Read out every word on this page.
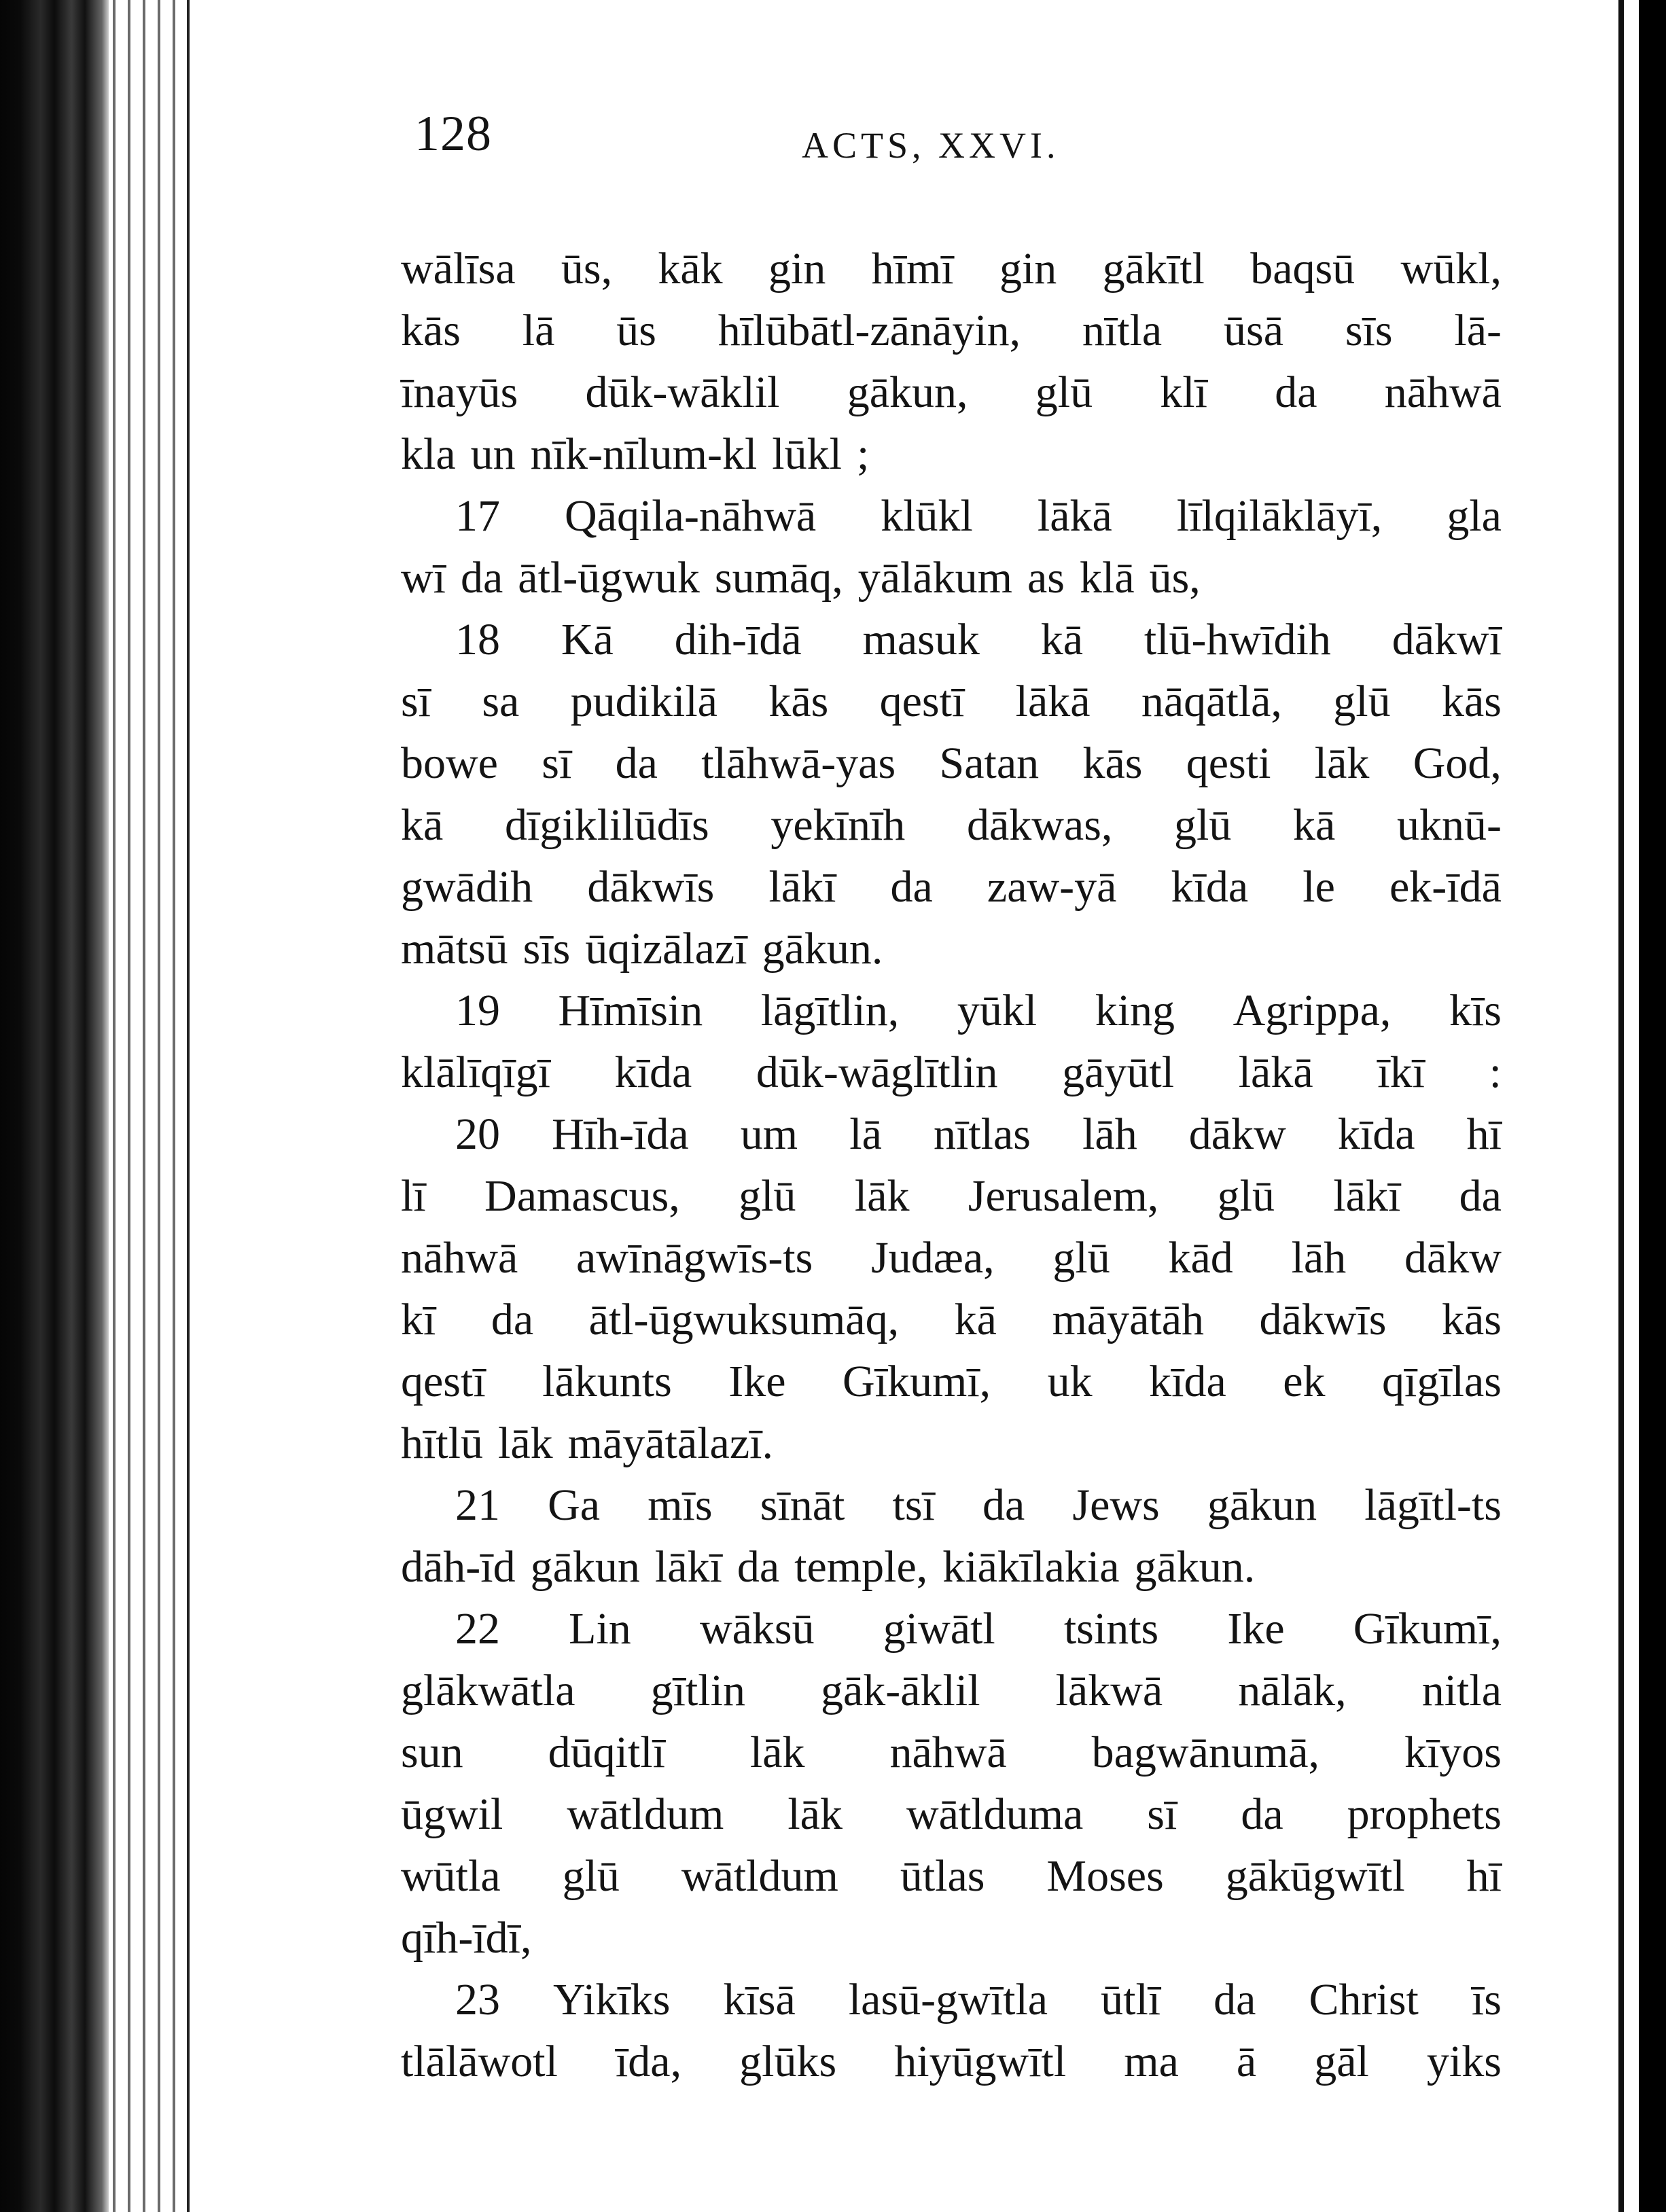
128	ACTS, XXVI.
wālīsa ūs, kāk gin hīmī gin gākītl baqsū wūkl,
kās lā ūs hīlūbātl-zānāyin, nītla ūsā sīs lā-
īnayūs dūk-wāklil gākun, glū klī da nāhwā
kla un nīk-nīlum-kl lūkl ;
17 Qāqila-nāhwā klūkl lākā līlqilāklāyī, gla
wī da ātl-ūgwuk sumāq, yālākum as klā ūs,
18 Kā dih-īdā masuk kā tlū-hwīdih dākwī
sī sa pudikilā kās qestī lākā nāqātlā, glū kās
bowe sī da tlāhwā-yas Satan kās qesti lāk God,
kā dīgiklilūdīs yekīnīh dākwas, glū kā uknū-
gwādih dākwīs lākī da zaw-yā kīda le ek-īdā
mātsū sīs ūqizālazī gākun.
19 Hīmīsin lāgītlin, yūkl king Agrippa, kīs
klālīqīgī kīda dūk-wāglītlin gāyūtl lākā īkī :
20 Hīh-īda um lā nītlas lāh dākw kīda hī
lī Damascus, glū lāk Jerusalem, glū lākī da
nāhwā awīnāgwīs-ts Judæa, glū kād lāh dākw
kī da ātl-ūgwuksumāq, kā māyātāh dākwīs kās
qestī lākunts Ike Gīkumī, uk kīda ek qīgīlas
hītlū lāk māyātālazī.
21 Ga mīs sīnāt tsī da Jews gākun lāgītl-ts
dāh-īd gākun lākī da temple, kiākīlakia gākun.
22 Lin wāksū giwātl tsints Ike Gīkumī,
glākwātla gītlin gāk-āklil lākwā nālāk, nitla
sun dūqitlī lāk nāhwā bagwānumā, kīyos
ūgwil wātldum lāk wātlduma sī da prophets
wūtla glū wātldum ūtlas Moses gākūgwītl hī
qīh-īdī,
23 Yikīks kīsā lasū-gwītla ūtlī da Christ īs
tlālāwotl īda, glūks hiyūgwītl ma ā gāl yiks
